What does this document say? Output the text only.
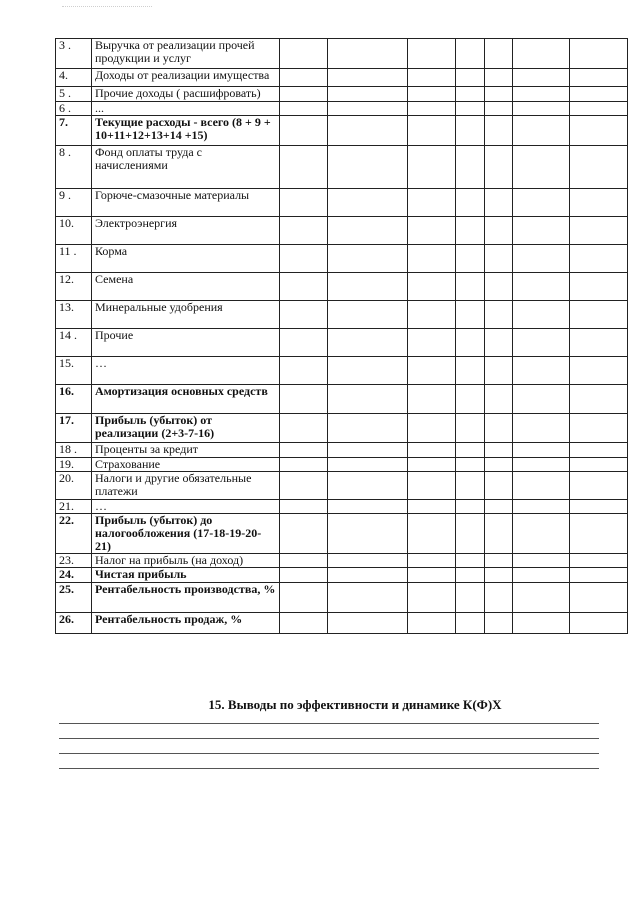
3 .	Выручка от реализации прочей продукции и услуг							
4.	Доходы от реализации имущества							
5 .	Прочие доходы ( расшифровать)							
6 .	...							
7.	Текущие расходы - всего (8 + 9 + 10+11+12+13+14 +15)							
8 .	Фонд оплаты труда с начислениями							
9 .	Горюче-смазочные материалы							
10.	Электроэнергия							
11 .	Корма							
12.	Семена							
13.	Минеральные удобрения							
14 .	Прочие							
15.	…							
16.	Амортизация основных средств							
17.	Прибыль (убыток) от реализации (2+3-7-16)							
18 .	Проценты за кредит							
19.	Страхование							
20.	Налоги и другие обязательные платежи							
21.	…							
22.	Прибыль (убыток) до налогообложения (17-18-19-20-21)							
23.	Налог на прибыль (на доход)							
24.	Чистая прибыль							
25.	Рентабельность производства, %							
26.	Рентабельность продаж, %							
15. Выводы по эффективности и динамике К(Ф)Х
